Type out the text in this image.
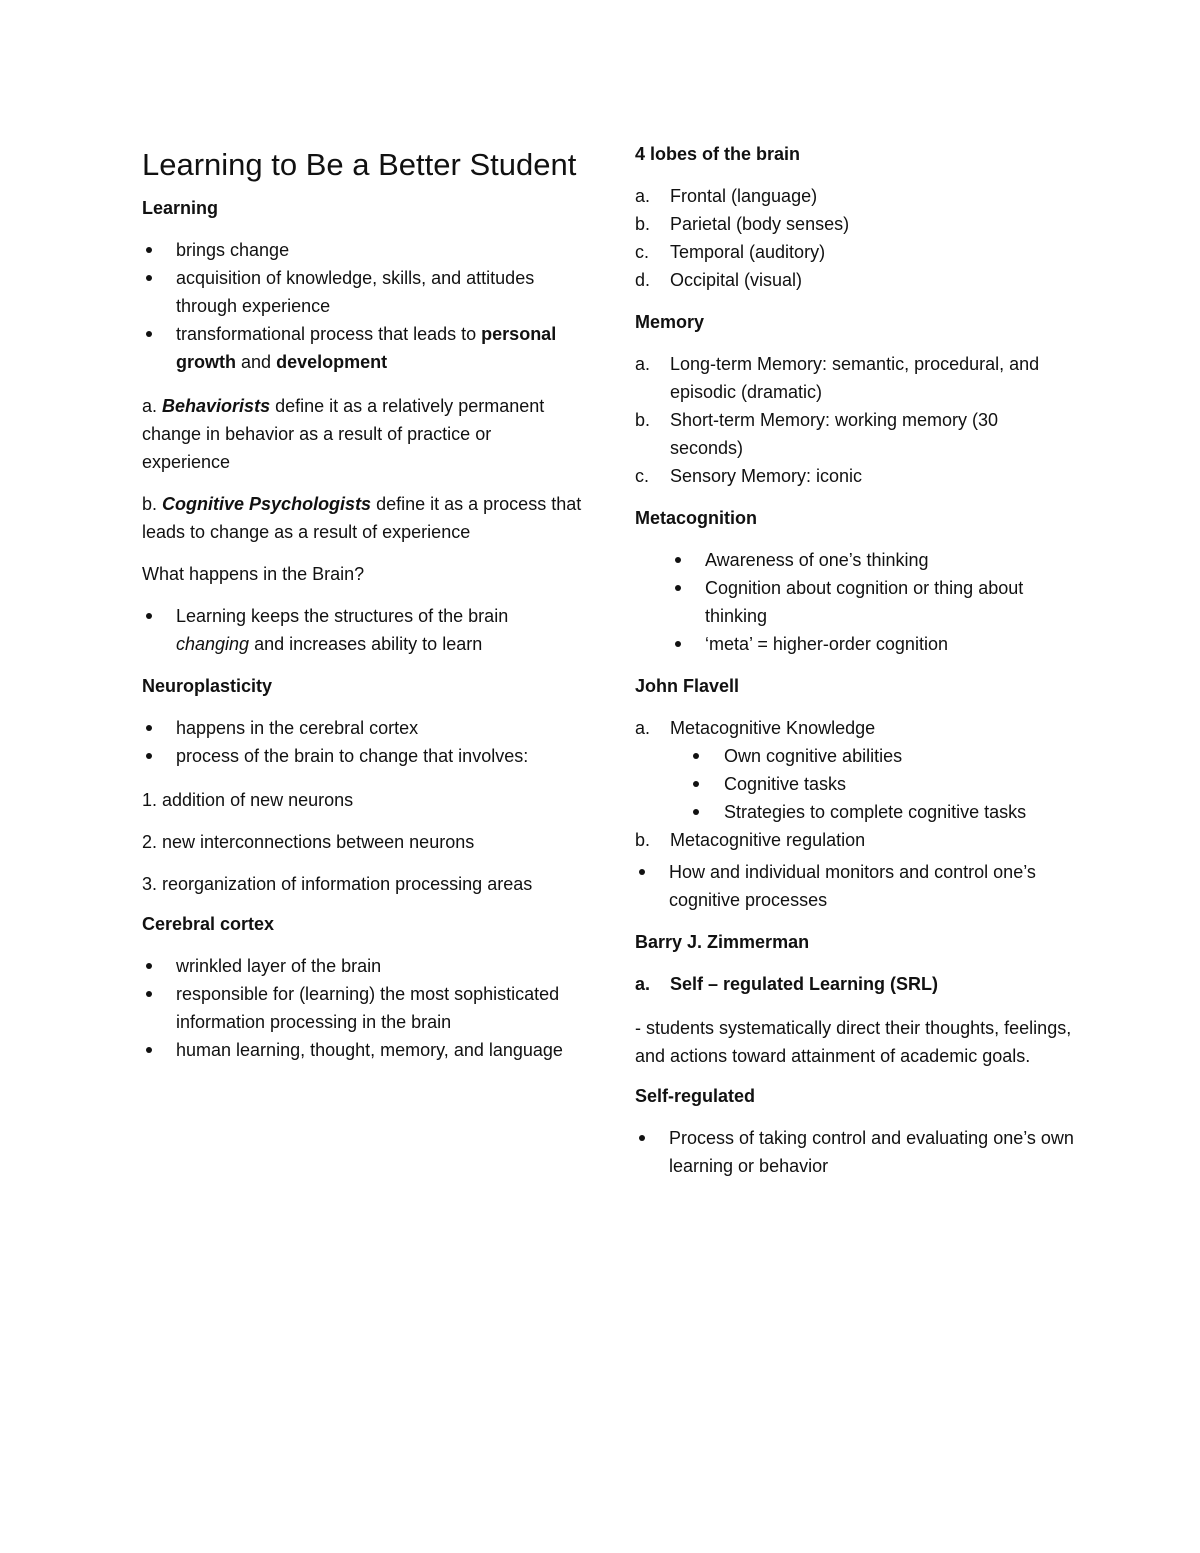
Learning to Be a Better Student
Learning
brings change
acquisition of knowledge, skills, and attitudes through experience
transformational process that leads to personal growth and development

a. Behaviorists define it as a relatively permanent change in behavior as a result of practice or experience

b. Cognitive Psychologists define it as a process that leads to change as a result of experience

What happens in the Brain?

Learning keeps the structures of the brain changing and increases ability to learn
Neuroplasticity
happens in the cerebral cortex
process of the brain to change that involves:

1. addition of new neurons

2. new interconnections between neurons

3. reorganization of information processing areas

Cerebral cortex
wrinkled layer of the brain
responsible for (learning) the most sophisticated information processing in the brain
human learning, thought, memory, and language
4 lobes of the brain
a. Frontal (language)
b. Parietal (body senses)
c. Temporal (auditory)
d. Occipital (visual)
Memory
a. Long-term Memory: semantic, procedural, and episodic (dramatic)
b. Short-term Memory: working memory (30 seconds)
c. Sensory Memory: iconic
Metacognition
Awareness of one’s thinking
Cognition about cognition or thing about thinking
‘meta’ = higher-order cognition
John Flavell
a. Metacognitive Knowledge
Own cognitive abilities
Cognitive tasks
Strategies to complete cognitive tasks
b. Metacognitive regulation
How and individual monitors and control one’s cognitive processes
Barry J. Zimmerman
a. Self – regulated Learning (SRL)

- students systematically direct their thoughts, feelings, and actions toward attainment of academic goals.

Self-regulated
Process of taking control and evaluating one’s own learning or behavior
